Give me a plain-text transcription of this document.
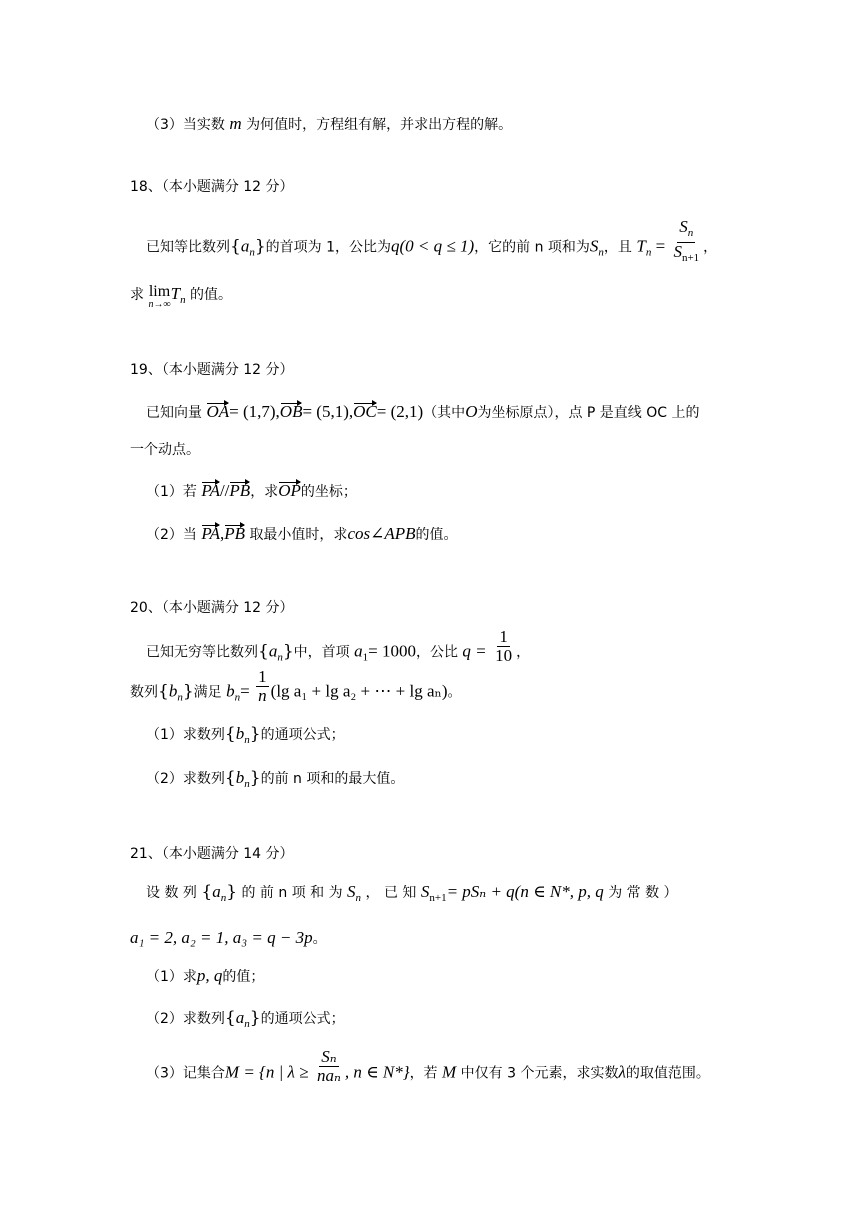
（3）当实数 m 为何值时，方程组有解，并求出方程的解。
18、（本小题满分 12 分）
已知等比数列$\{a_n\}$的首项为 1，公比为q(0 < q ≤ 1)，它的前 n 项和为$S_n$，且 $T_n = \frac{S_n}{S_{n+1}}$ ，
求 lim
n→∞
$T_n$ 的值。
19、（本小题满分 12 分）
已知向量 OA= (1,7),OB= (5,1),OC= (2,1)（其中O为坐标原点），点 P 是直线 OC 上的
一个动点。
（1）若 PA//PB，求OP的坐标；
（2）当 PA,PB 取最小值时，求cos∠APB的值。
20、（本小题满分 12 分）
已知无穷等比数列$\{a_n\}$中，首项 $a_1= 1000$，公比 $q = \frac{1}{10}$ ，
数列$\{b_n\}$满足 $b_n= \frac{1}{n} (\lg$ a₁ + lg a₂ + ⋯ + lg aₙ)。
（1）求数列$\{b_n\}$的通项公式；
（2）求数列$\{b_n\}$的前 n 项和的最大值。
21、（本小题满分 14 分）
设 数 列 $\{a_n\}$ 的 前 n 项 和 为 $S_n$ ， 已 知 $S_{n+1}= pS_n + q(n$ ∈ N*, p, q 为 常 数 ）
a₁ = 2, a₂ = 1, a₃ = q − 3p。
（1）求p, q的值；
（2）求数列$\{a_n\}$的通项公式；
（3）记集合M = {n | $\lambda \ge \frac{\text{Sₙ}}{\text{naₙ}}$ , n ∈ N*}，若 M 中仅有 3 个元素，求实数λ的取值范围。
